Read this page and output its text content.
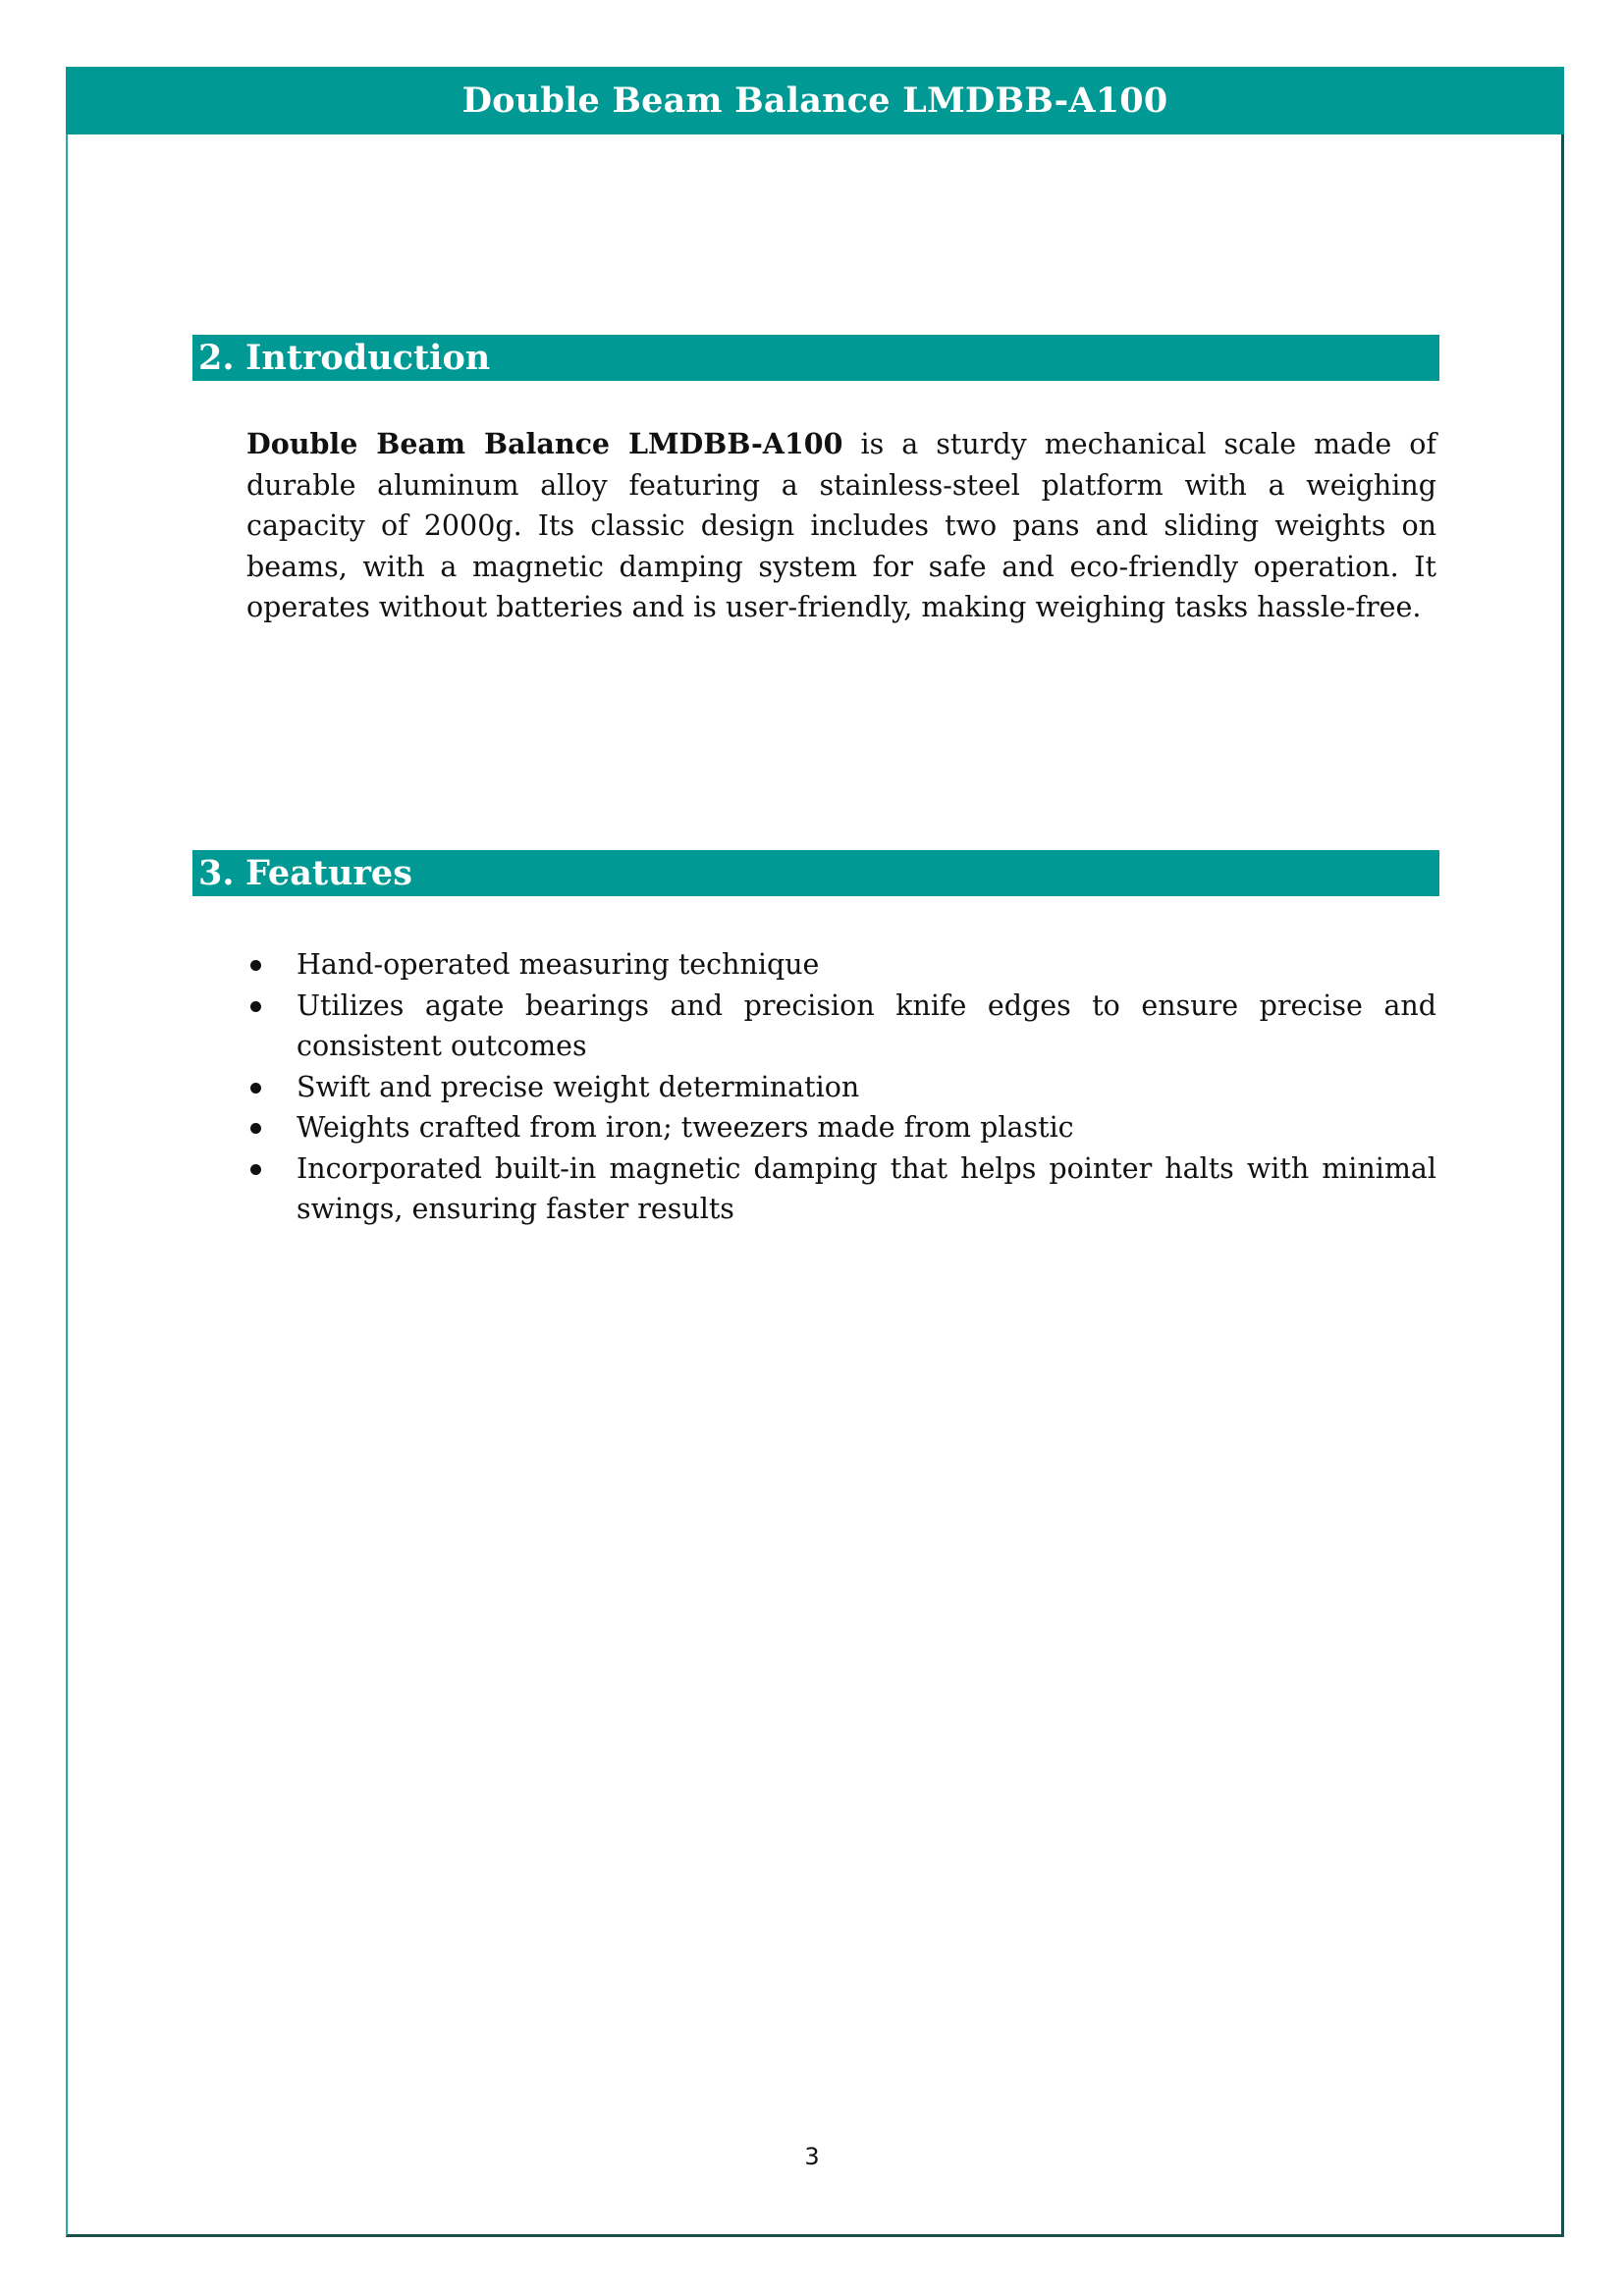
Double Beam Balance LMDBB-A100
2. Introduction

Double Beam Balance LMDBB-A100 is a sturdy mechanical scale made of durable aluminum alloy featuring a stainless-steel platform with a weighing capacity of 2000g. Its classic design includes two pans and sliding weights on beams, with a magnetic damping system for safe and eco-friendly operation. It operates without batteries and is user-friendly, making weighing tasks hassle-free.

3. Features
Hand-operated measuring technique
Utilizes agate bearings and precision knife edges to ensure precise and consistent outcomes
Swift and precise weight determination
Weights crafted from iron; tweezers made from plastic
Incorporated built-in magnetic damping that helps pointer halts with minimal swings, ensuring faster results
3
